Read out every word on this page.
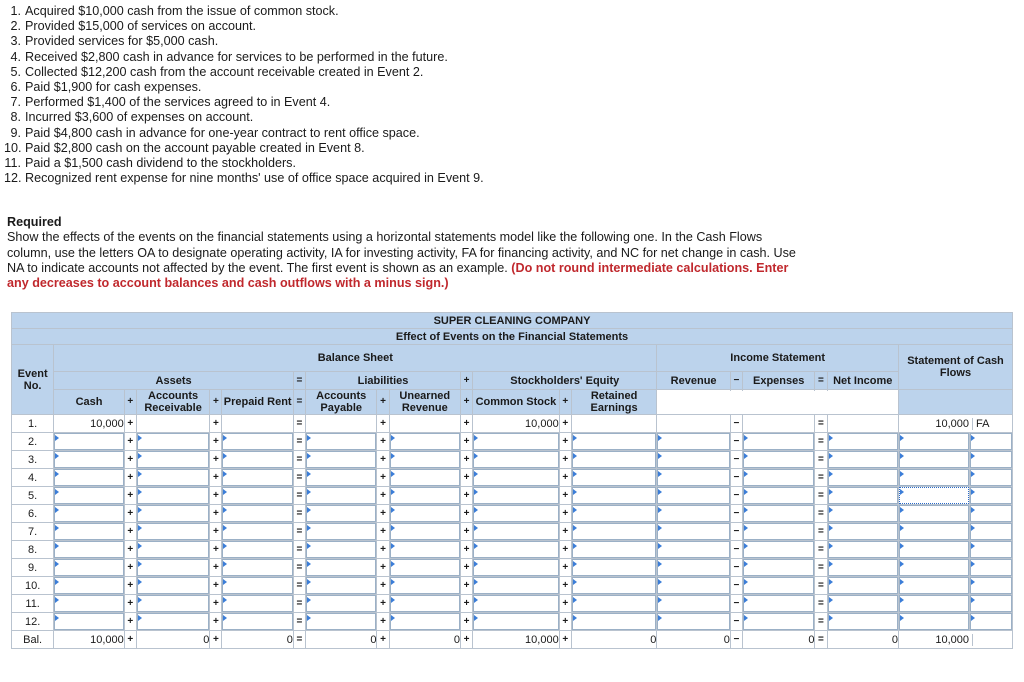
1. Acquired $10,000 cash from the issue of common stock.
2. Provided $15,000 of services on account.
3. Provided services for $5,000 cash.
4. Received $2,800 cash in advance for services to be performed in the future.
5. Collected $12,200 cash from the account receivable created in Event 2.
6. Paid $1,900 for cash expenses.
7. Performed $1,400 of the services agreed to in Event 4.
8. Incurred $3,600 of expenses on account.
9. Paid $4,800 cash in advance for one-year contract to rent office space.
10. Paid $2,800 cash on the account payable created in Event 8.
11. Paid a $1,500 cash dividend to the stockholders.
12. Recognized rent expense for nine months' use of office space acquired in Event 9.
Required
Show the effects of the events on the financial statements using a horizontal statements model like the following one. In the Cash Flows column, use the letters OA to designate operating activity, IA for investing activity, FA for financing activity, and NC for net change in cash. Use NA to indicate accounts not affected by the event. The first event is shown as an example. (Do not round intermediate calculations. Enter any decreases to account balances and cash outflows with a minus sign.)
SUPER CLEANING COMPANY																			
Effect of Events on the Financial Statements																			
Event No.	Balance Sheet													Income Statement					Statement of Cash Flows
	Assets					=	Liabilities			+	Stockholders' Equity			Revenue	−	Expenses	=	Net Income	
	Cash	+	Accounts Receivable	+	Prepaid Rent	=	Accounts Payable	+	Unearned Revenue	+	Common Stock	+	Retained Earnings						

1.	10,000	+		+		=		+		+	10,000	+			−		=		10,000 FA

2.		+		+		=		+		+		+			−		=	

3.		+		+		=		+		+		+			−		=	

4.		+		+		=		+		+		+			−		=	

5.		+		+		=		+		+		+			−		=	

6.		+		+		=		+		+		+			−		=	

7.		+		+		=		+		+		+			−		=	

8.		+		+		=		+		+		+			−		=	

9.		+		+		=		+		+		+			−		=	

10.		+		+		=		+		+		+			−		=	

11.		+		+		=		+		+		+			−		=	

12.		+		+		=		+		+		+			−		=	

Bal.	10,000	+	0	+	0	=	0	+	0	+	10,000	+	0	0	−	0	=	0	10,000
